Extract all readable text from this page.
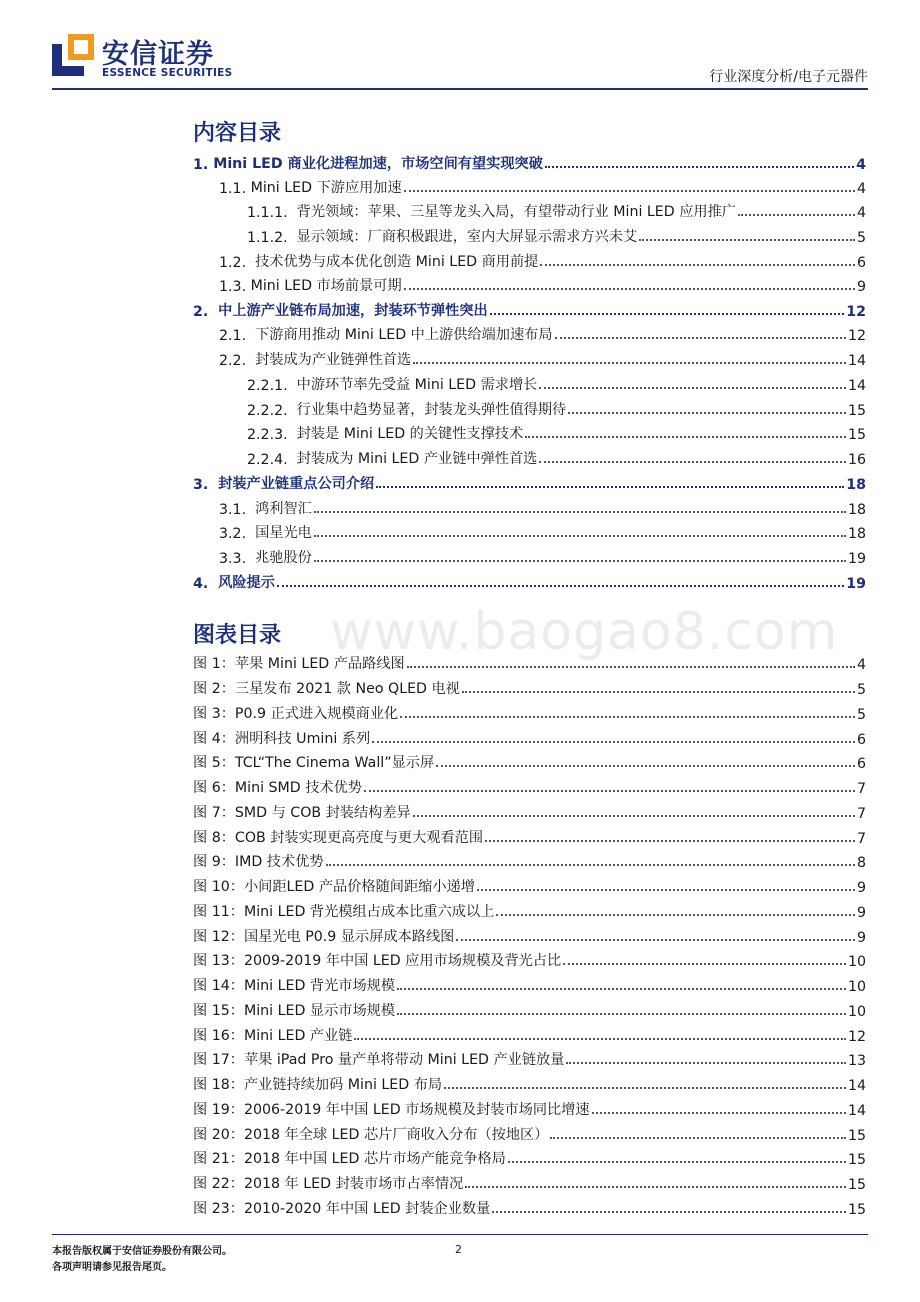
安信证券
ESSENCE SECURITIES	行业深度分析/电子元器件
www.baogao8.com
内容目录
1. Mini LED 商业化进程加速，市场空间有望实现突破	4
1.1. Mini LED 下游应用加速	4
1.1.1. 背光领域：苹果、三星等龙头入局，有望带动行业 Mini LED 应用推广	4
1.1.2. 显示领域：厂商积极跟进，室内大屏显示需求方兴未艾	5
1.2. 技术优势与成本优化创造 Mini LED 商用前提	6
1.3. Mini LED 市场前景可期	9
2. 中上游产业链布局加速，封装环节弹性突出	12
2.1. 下游商用推动 Mini LED 中上游供给端加速布局	12
2.2. 封装成为产业链弹性首选	14
2.2.1. 中游环节率先受益 Mini LED 需求增长	14
2.2.2. 行业集中趋势显著，封装龙头弹性值得期待	15
2.2.3. 封装是 Mini LED 的关键性支撑技术	15
2.2.4. 封装成为 Mini LED 产业链中弹性首选	16
3. 封装产业链重点公司介绍	18
3.1. 鸿利智汇	18
3.2. 国星光电	18
3.3. 兆驰股份	19
4. 风险提示	19
图表目录
图 1： 苹果 Mini LED 产品路线图	4
图 2： 三星发布 2021 款 Neo QLED 电视	5
图 3： P0.9 正式进入规模商业化	5
图 4： 洲明科技 Umini 系列	6
图 5： TCL“The Cinema Wall”显示屏	6
图 6： Mini SMD 技术优势	7
图 7： SMD 与 COB 封装结构差异	7
图 8： COB 封装实现更高亮度与更大观看范围	7
图 9： IMD 技术优势	8
图 10： 小间距LED 产品价格随间距缩小递增	9
图 11： Mini LED 背光模组占成本比重六成以上	9
图 12： 国星光电 P0.9 显示屏成本路线图	9
图 13： 2009-2019 年中国 LED 应用市场规模及背光占比	10
图 14： Mini LED 背光市场规模	10
图 15： Mini LED 显示市场规模	10
图 16： Mini LED 产业链	12
图 17： 苹果 iPad Pro 量产单将带动 Mini LED 产业链放量	13
图 18： 产业链持续加码 Mini LED 布局	14
图 19： 2006-2019 年中国 LED 市场规模及封装市场同比增速	14
图 20： 2018 年全球 LED 芯片厂商收入分布（按地区）	15
图 21： 2018 年中国 LED 芯片市场产能竞争格局	15
图 22： 2018 年 LED 封装市场市占率情况	15
图 23： 2010-2020 年中国 LED 封装企业数量	15
本报告版权属于安信证券股份有限公司。
各项声明请参见报告尾页。
2
